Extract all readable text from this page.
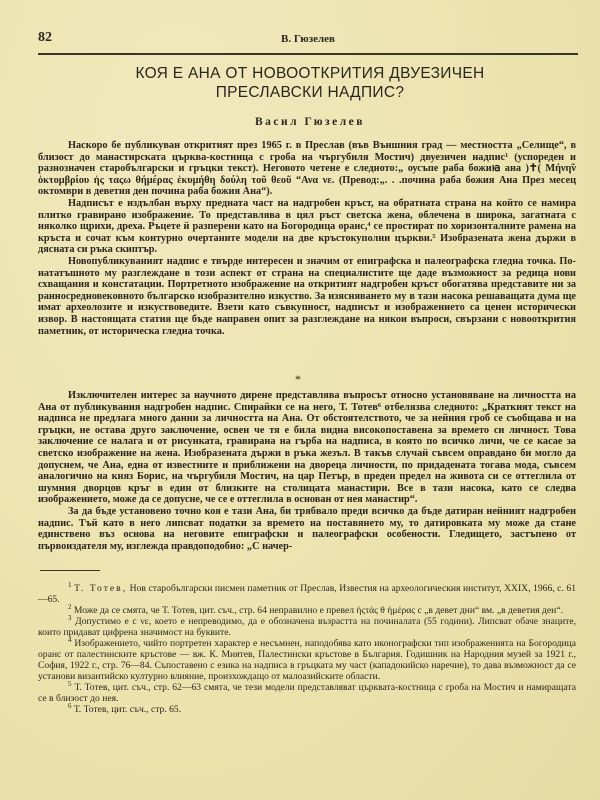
82	В. Гюзелев
КОЯ Е АНА ОТ НОВООТКРИТИЯ ДВУЕЗИЧЕН
ПРЕСЛАВСКИ НАДПИС?
Васил Гюзелев

Наскоро бе публикуван откритият през 1965 г. в Преслав (във Външния град — местността „Селище“, в близост до манастирската църква-костница с гроба на чъргубиля Мостич) двуезичен надпис¹ (успореден и разнозначен старобългарски и гръцки текст). Неговото четене е следното:„ оусъпе раба божиꙗ ана )✝( Μήνη̃ν ὀκτομβρίου ἡς ταςω θήμέρας ἐκυμήθη δούλη τοῦ θεοῦ “Ανα νε. (Превод:„. . .почина раба божия Ана През месец октомври в деветия ден почина раба божия Ана“).

Надписът е издълбан върху предната част на надгробен кръст, на обратната страна на който се намира плитко гравирано изображение. То представлява в цял ръст светска жена, облечена в широка, загатната с няколко щрихи, дреха. Ръцете й разперени като на Богородица оранс,⁴ се простират по хоризонталните рамена на кръста и сочат към контурно очертаните модели на две кръстокуполни църкви.⁵ Изобразената жена държи в дясната си ръка скиптър.

Новопубликуваният надпис е твърде интересен и значим от епиграфска и палеографска гледна точка. По-нататъшното му разглеждане в този аспект от страна на специалистите ще даде възможност за редица нови схващания и констатации. Портретното изображение на откритият надгробен кръст обогатява представите ни за ранносредновековното българско изобразително изкуство. За изясняването му в тази насока решаващата дума ще имат археолозите и изкуствоведите. Взети като съвкупност, надписът и изображението са ценен исторически извор. В настоящата статия ще бъде направен опит за разглеждане на някои въпроси, свързани с новооткрития паметник, от историческа гледна точка.

*

Изключителен интерес за научното дирене представлява въпросът относно установяване на личността на Ана от публикувания надгробен надпис. Спирайки се на него, Т. Тотев⁶ отбелязва следното: „Краткият текст на надписа не предлага много данни за личността на Ана. От обстоятелството, че за нейния гроб се съобщава и на гръцки, не остава друго заключение, освен че тя е била видна високопоставена за времето си личност. Това заключение се налага и от рисунката, гравирана на гърба на надписа, в която по всичко личи, че се касае за светско изображение на жена. Изобразената държи в ръка жезъл. В такъв случай съвсем оправдано би могло да допуснем, че Ана, една от известните и приближени на двореца личности, по придадената тогава мода, съвсем аналогично на княз Борис, на чъргубиля Мостич, на цар Петър, в преден предел на живота си се оттеглила от шумния дворцов кръг в един от близките на столицата манастири. Все в тази насока, като се следва изображението, може да се допусне, че се е оттеглила в основан от нея манастир“.

За да бъде установено точно коя е тази Ана, би трябвало преди всичко да бъде датиран нейният надгробен надпис. Тъй като в него липсват податки за времето на поставянето му, то датировката му може да стане единствено въз основа на неговите епиграфски и палеографски особености. Гледището, застъпено от първоиздателя му, изглежда правдоподобно: „С начер-

$^1$ Т. Тотев, Нов старобългарски писмен паметник от Преслав, Известия на археологическия институт, XXIX, 1966, с. 61—65.

$^2$ Може да се смята, че Т. Тотев, цит. съч., стр. 64 неправилно е превел ἡςτάς θ ἡμέρας с „в девет дни“ вм. „в деветия ден“.

$^3$ Допустимо е с νε, което е непреводимо, да е обозначена възрастта на починалата (55 години). Липсват обаче знаците, които придават цифрена значимост на буквите.

$^4$ Изображението, чийто портретен характер е несъмнен, наподобява като иконографски тип изображенията на Богородица оранс от палестинските кръстове — вж. К. Миятев, Палестински кръстове в България. Годишник на Народния музей за 1921 г., София, 1922 г., стр. 76—84. Съпоставено с езика на надписа в гръцката му част (кападокийско наречие), то дава възможност да се установи византийско културно влияние, произхождащо от малоазийските области.

$^5$ Т. Тотев, цит. съч., стр. 62—63 смята, че тези модели представляват църквата-костница с гроба на Мостич и намиращата се в близост до нея.

$^6$ Т. Тотев, цит. съч., стр. 65.
